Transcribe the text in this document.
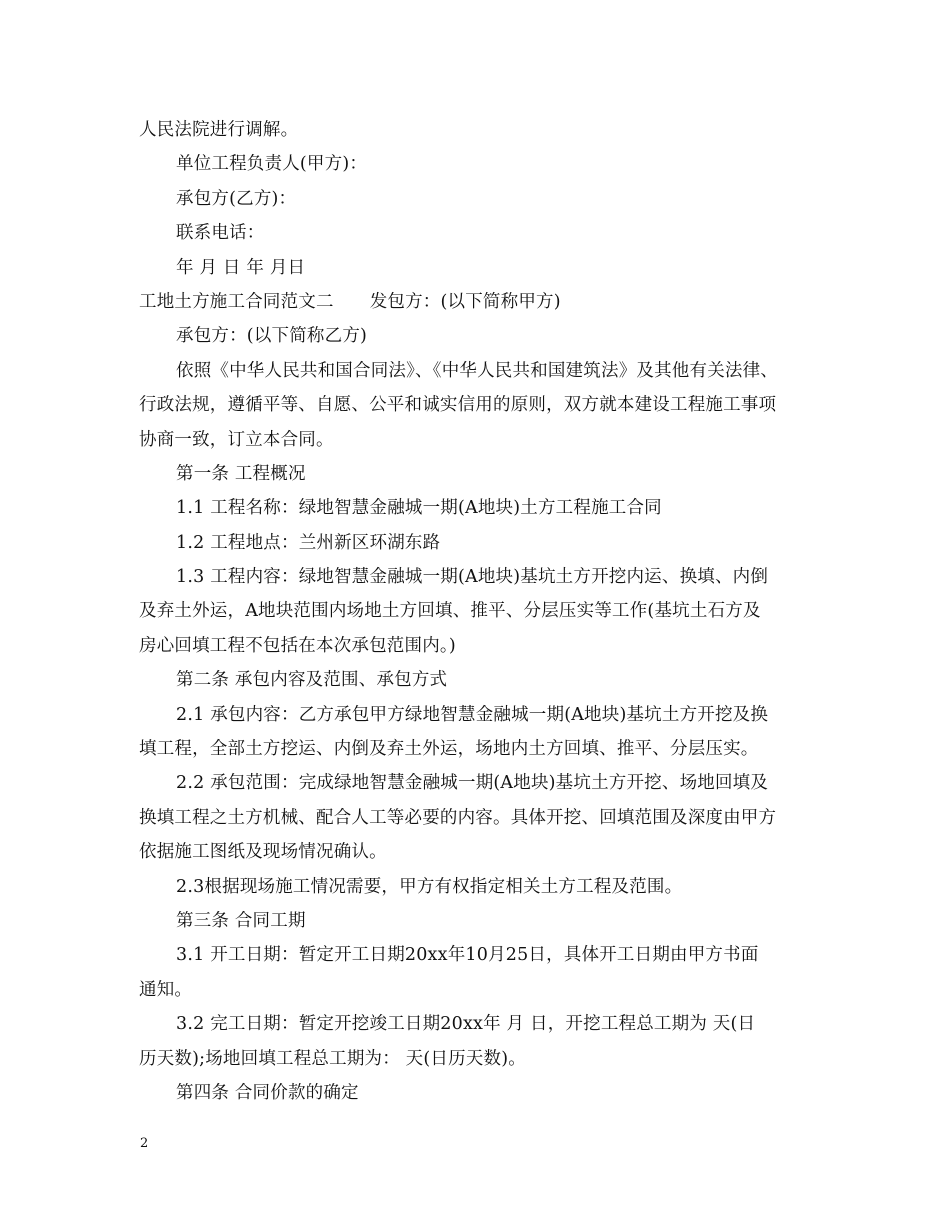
人民法院进行调解。
单位工程负责人(甲方)：
承包方(乙方)：
联系电话：
年 月 日 年 月日
工地土方施工合同范文二 发包方：(以下简称甲方)
承包方：(以下简称乙方)
依照《中华人民共和国合同法》、《中华人民共和国建筑法》及其他有关法律、
行政法规，遵循平等、自愿、公平和诚实信用的原则，双方就本建设工程施工事项
协商一致，订立本合同。
第一条 工程概况
1.1 工程名称：绿地智慧金融城一期(A地块)土方工程施工合同
1.2 工程地点：兰州新区环湖东路
1.3 工程内容：绿地智慧金融城一期(A地块)基坑土方开挖内运、换填、内倒
及弃土外运，A地块范围内场地土方回填、推平、分层压实等工作(基坑土石方及
房心回填工程不包括在本次承包范围内。)
第二条 承包内容及范围、承包方式
2.1 承包内容：乙方承包甲方绿地智慧金融城一期(A地块)基坑土方开挖及换
填工程，全部土方挖运、内倒及弃土外运，场地内土方回填、推平、分层压实。
2.2 承包范围：完成绿地智慧金融城一期(A地块)基坑土方开挖、场地回填及
换填工程之土方机械、配合人工等必要的内容。具体开挖、回填范围及深度由甲方
依据施工图纸及现场情况确认。
2.3根据现场施工情况需要，甲方有权指定相关土方工程及范围。
第三条 合同工期
3.1 开工日期：暂定开工日期20xx年10月25日，具体开工日期由甲方书面
通知。
3.2 完工日期：暂定开挖竣工日期20xx年 月 日，开挖工程总工期为 天(日
历天数);场地回填工程总工期为： 天(日历天数)。
第四条 合同价款的确定
2
